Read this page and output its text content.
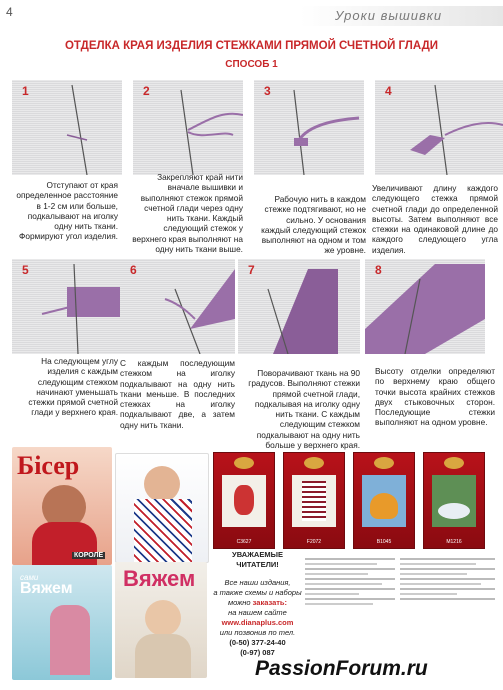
4	Уроки вышивки
ОТДЕЛКА КРАЯ ИЗДЕЛИЯ СТЕЖКАМИ ПРЯМОЙ СЧЕТНОЙ ГЛАДИ
СПОСОБ 1
1	2	3	4
Отступают от края определенное расстояние в 1-2 см или больше, подкалывают на иголку одну нить ткани. Формируют угол изделия.
Закрепляют край нити вначале вышивки и выполняют стежок прямой счетной глади через одну нить ткани. Каждый следующий стежок у верхнего края выполняют на одну нить ткани выше.
Рабочую нить в каждом стежке подтягивают, но не сильно. У основания каждый следующий стежок выполняют на одном и том же уровне.
Увеличивают длину каждого следующего стежка прямой счетной глади до определенной высоты. Затем выполняют все стежки на одинаковой длине до каждого следующего угла изделия.
5	6	7	8
На следующем углу изделия с каждым следующим стежком начинают уменьшать стежки прямой счетной глади у верхнего края.
С каждым последующим стежком на иголку подкалывают на одну нить ткани меньше. В последних стежках на иголку подкалывают две, а затем одну нить ткани.
Поворачивают ткань на 90 градусов. Выполняют стежки прямой счетной глади, подкалывая на иголку одну нить ткани. С каждым следующим стежком подкалывают на одну нить больше у верхнего края.
Высоту отделки определяют по верхнему краю общего точки высота крайних стежков двух стыковочных сторон. Последующие стежки выполняют на одном уровне.
Бісер
КОРОЛЕ
сами
Вяжем Вяжем
C3627	F2072	B1045	M1216
УВАЖАЕМЫЕ ЧИТАТЕЛИ!
Все наши издания,
а также схемы и наборы
можно заказать:
на нашем сайте
www.dianaplus.com
или позвонив по тел.
(0-50) 377-24-40
(0-97) 087
PassionForum.ru
